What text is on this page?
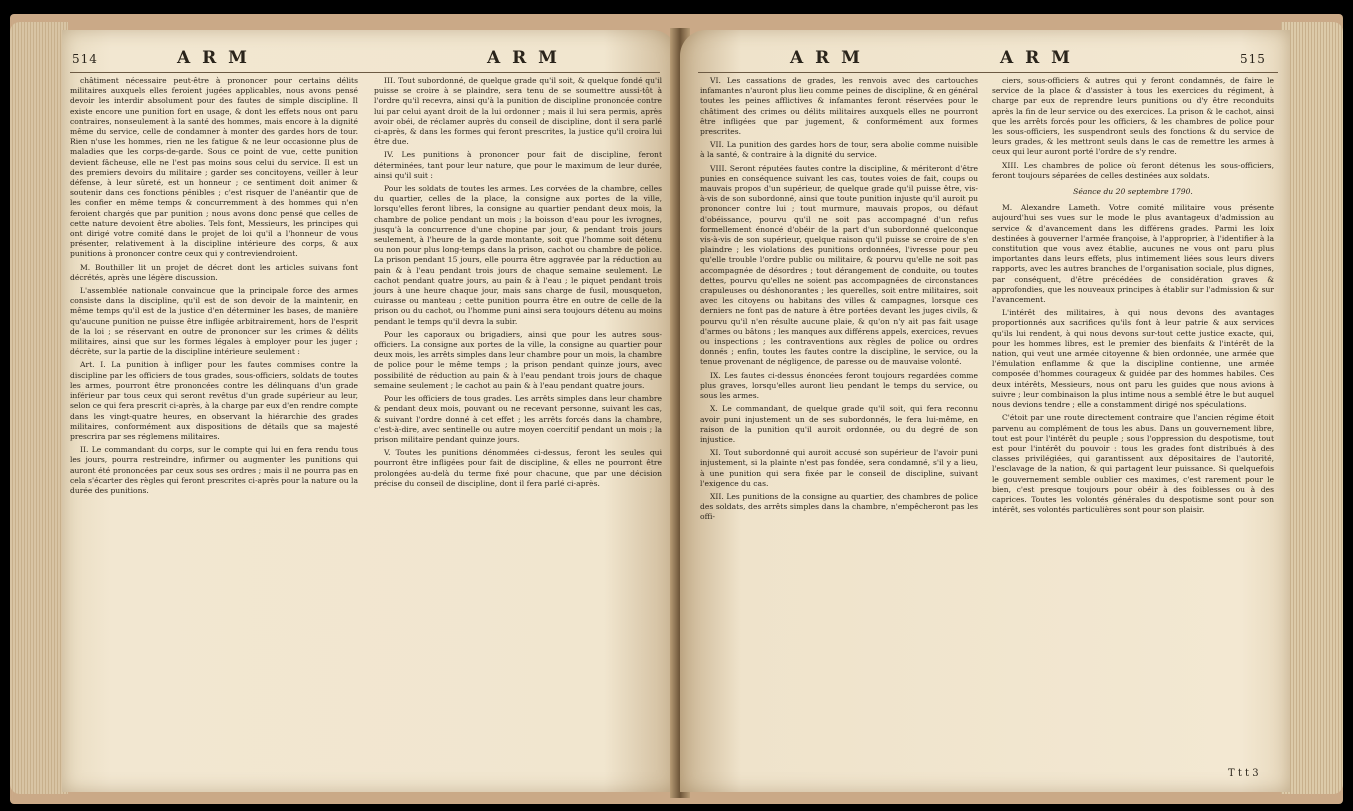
514	A R M	A R M

châtiment nécessaire peut-être à prononcer pour certains délits militaires auxquels elles feroient jugées applicables, nous avons pensé devoir les interdir absolument pour des fautes de simple discipline. Il existe encore une punition fort en usage, & dont les effets nous ont paru contraires, nonseulement à la santé des hommes, mais encore à la dignité même du service, celle de condamner à monter des gardes hors de tour. Rien n'use les hommes, rien ne les fatigue & ne leur occasionne plus de maladies que les corps-de-garde. Sous ce point de vue, cette punition devient fâcheuse, elle ne l'est pas moins sous celui du service. Il est un des premiers devoirs du militaire ; garder ses concitoyens, veiller à leur défense, à leur sûreté, est un honneur ; ce sentiment doit animer & soutenir dans ces fonctions pénibles ; c'est risquer de l'anéantir que de les confier en même temps & concurremment à des hommes qui n'en feroient chargés que par punition ; nous avons donc pensé que celles de cette nature devoient être abolies. Tels font, Messieurs, les principes qui ont dirigé votre comité dans le projet de loi qu'il a l'honneur de vous présenter, relativement à la discipline intérieure des corps, & aux punitions à prononcer contre ceux qui y contreviendroient.

M. Bouthiller lit un projet de décret dont les articles suivans font décrétés, après une légère discussion.

L'assemblée nationale convaincue que la principale force des armes consiste dans la discipline, qu'il est de son devoir de la maintenir, en même temps qu'il est de la justice d'en déterminer les bases, de manière qu'aucune punition ne puisse être infligée arbitrairement, hors de l'esprit de la loi ; se réservant en outre de prononcer sur les crimes & délits militaires, ainsi que sur les formes légales à employer pour les juger ; décrète, sur la partie de la discipline intérieure seulement :

Art. I. La punition à infliger pour les fautes commises contre la discipline par les officiers de tous grades, sous-officiers, soldats de toutes les armes, pourront être prononcées contre les délinquans d'un grade inférieur par tous ceux qui seront revêtus d'un grade supérieur au leur, selon ce qui fera prescrit ci-après, à la charge par eux d'en rendre compte dans les vingt-quatre heures, en observant la hiérarchie des grades militaires, conformément aux dispositions de détails que sa majesté prescrira par ses réglemens militaires.

II. Le commandant du corps, sur le compte qui lui en fera rendu tous les jours, pourra restreindre, infirmer ou augmenter les punitions qui auront été prononcées par ceux sous ses ordres ; mais il ne pourra pas en cela s'écarter des règles qui feront prescrites ci-après pour la nature ou la durée des punitions.

III. Tout subordonné, de quelque grade qu'il soit, & quelque fondé qu'il puisse se croire à se plaindre, sera tenu de se soumettre aussi-tôt à l'ordre qu'il recevra, ainsi qu'à la punition de discipline prononcée contre lui par celui ayant droit de la lui ordonner ; mais il lui sera permis, après avoir obéi, de réclamer auprès du conseil de discipline, dont il sera parlé ci-après, & dans les formes qui feront prescrites, la justice qu'il croira lui être due.

IV. Les punitions à prononcer pour fait de discipline, feront déterminées, tant pour leur nature, que pour le maximum de leur durée, ainsi qu'il suit :

Pour les soldats de toutes les armes. Les corvées de la chambre, celles du quartier, celles de la place, la consigne aux portes de la ville, lorsqu'elles feront libres, la consigne au quartier pendant deux mois, la chambre de police pendant un mois ; la boisson d'eau pour les ivrognes, jusqu'à la concurrence d'une chopine par jour, & pendant trois jours seulement, à l'heure de la garde montante, soit que l'homme soit détenu ou non pour plus long-temps dans la prison, cachot ou chambre de police. La prison pendant 15 jours, elle pourra être aggravée par la réduction au pain & à l'eau pendant trois jours de chaque semaine seulement. Le cachot pendant quatre jours, au pain & à l'eau ; le piquet pendant trois jours à une heure chaque jour, mais sans charge de fusil, mousqueton, cuirasse ou manteau ; cette punition pourra être en outre de celle de la prison ou du cachot, ou l'homme puni ainsi sera toujours détenu au moins pendant le temps qu'il devra la subir.

Pour les caporaux ou brigadiers, ainsi que pour les autres sous-officiers. La consigne aux portes de la ville, la consigne au quartier pour deux mois, les arrêts simples dans leur chambre pour un mois, la chambre de police pour le même temps ; la prison pendant quinze jours, avec possibilité de réduction au pain & à l'eau pendant trois jours de chaque semaine seulement ; le cachot au pain & à l'eau pendant quatre jours.

Pour les officiers de tous grades. Les arrêts simples dans leur chambre & pendant deux mois, pouvant ou ne recevant personne, suivant les cas, & suivant l'ordre donné à cet effet ; les arrêts forcés dans la chambre, c'est-à-dire, avec sentinelle ou autre moyen coercitif pendant un mois ; la prison militaire pendant quinze jours.

V. Toutes les punitions dénommées ci-dessus, feront les seules qui pourront être infligées pour fait de discipline, & elles ne pourront être prolongées au-delà du terme fixé pour chacune, que par une décision précise du conseil de discipline, dont il fera parlé ci-après.

A R M	A R M	515

VI. Les cassations de grades, les renvois avec des cartouches infamantes n'auront plus lieu comme peines de discipline, & en général toutes les peines afflictives & infamantes feront réservées pour le châtiment des crimes ou délits militaires auxquels elles ne pourront être infligées que par jugement, & conformément aux formes prescrites.

VII. La punition des gardes hors de tour, sera abolie comme nuisible à la santé, & contraire à la dignité du service.

VIII. Seront réputées fautes contre la discipline, & mériteront d'être punies en conséquence suivant les cas, toutes voies de fait, coups ou mauvais propos d'un supérieur, de quelque grade qu'il puisse être, vis-à-vis de son subordonné, ainsi que toute punition injuste qu'il auroit pu prononcer contre lui ; tout murmure, mauvais propos, ou défaut d'obéissance, pourvu qu'il ne soit pas accompagné d'un refus formellement énoncé d'obéir de la part d'un subordonné quelconque vis-à-vis de son supérieur, quelque raison qu'il puisse se croire de s'en plaindre ; les violations des punitions ordonnées, l'ivresse pour peu qu'elle trouble l'ordre public ou militaire, & pourvu qu'elle ne soit pas accompagnée de désordres ; tout dérangement de conduite, ou toutes dettes, pourvu qu'elles ne soient pas accompagnées de circonstances crapuleuses ou déshonorantes ; les querelles, soit entre militaires, soit avec les citoyens ou habitans des villes & campagnes, lorsque ces derniers ne font pas de nature à être portées devant les juges civils, & pourvu qu'il n'en résulte aucune plaie, & qu'on n'y ait pas fait usage d'armes ou bâtons ; les manques aux différens appels, exercices, revues ou inspections ; les contraventions aux règles de police ou ordres donnés ; enfin, toutes les fautes contre la discipline, le service, ou la tenue provenant de négligence, de paresse ou de mauvaise volonté.

IX. Les fautes ci-dessus énoncées feront toujours regardées comme plus graves, lorsqu'elles auront lieu pendant le temps du service, ou sous les armes.

X. Le commandant, de quelque grade qu'il soit, qui fera reconnu avoir puni injustement un de ses subordonnés, le fera lui-même, en raison de la punition qu'il auroit ordonnée, ou du degré de son injustice.

XI. Tout subordonné qui auroit accusé son supérieur de l'avoir puni injustement, si la plainte n'est pas fondée, sera condamné, s'il y a lieu, à une punition qui sera fixée par le conseil de discipline, suivant l'exigence du cas.

XII. Les punitions de la consigne au quartier, des chambres de police des soldats, des arrêts simples dans la chambre, n'empêcheront pas les offi-

ciers, sous-officiers & autres qui y feront condamnés, de faire le service de la place & d'assister à tous les exercices du régiment, à charge par eux de reprendre leurs punitions ou d'y être reconduits après la fin de leur service ou des exercices. La prison & le cachot, ainsi que les arrêts forcés pour les officiers, & les chambres de police pour les sous-officiers, les suspendront seuls des fonctions & du service de leurs grades, & les mettront seuls dans le cas de remettre les armes à ceux qui leur auront porté l'ordre de s'y rendre.

XIII. Les chambres de police où feront détenus les sous-officiers, feront toujours séparées de celles destinées aux soldats.

Séance du 20 septembre 1790.

M. Alexandre Lameth. Votre comité militaire vous présente aujourd'hui ses vues sur le mode le plus avantageux d'admission au service & d'avancement dans les différens grades. Parmi les loix destinées à gouverner l'armée françoise, à l'approprier, à l'identifier à la constitution que vous avez établie, aucunes ne vous ont paru plus importantes dans leurs effets, plus intimement liées sous leurs divers rapports, avec les autres branches de l'organisation sociale, plus dignes, par conséquent, d'être précédées de considération graves & approfondies, que les nouveaux principes à établir sur l'admission & sur l'avancement.

L'intérêt des militaires, à qui nous devons des avantages proportionnés aux sacrifices qu'ils font à leur patrie & aux services qu'ils lui rendent, à qui nous devons sur-tout cette justice exacte, qui, pour les hommes libres, est le premier des bienfaits & l'intérêt de la nation, qui veut une armée citoyenne & bien ordonnée, une armée que l'émulation enflamme & que la discipline contienne, une armée composée d'hommes courageux & guidée par des hommes habiles. Ces deux intérêts, Messieurs, nous ont paru les guides que nous avions à suivre ; leur combinaison la plus intime nous a semblé être le but auquel nous devions tendre ; elle a constamment dirigé nos spéculations.

C'étoit par une route directement contraire que l'ancien régime étoit parvenu au complément de tous les abus. Dans un gouvernement libre, tout est pour l'intérêt du peuple ; sous l'oppression du despotisme, tout est pour l'intérêt du pouvoir : tous les grades font distribués à des classes privilégiées, qui garantissent aux dépositaires de l'autorité, l'esclavage de la nation, & qui partagent leur puissance. Si quelquefois le gouvernement semble oublier ces maximes, c'est rarement pour le bien, c'est presque toujours pour obéir à des foiblesses ou à des caprices. Toutes les volontés générales du despotisme sont pour son intérêt, ses volontés particulières sont pour son plaisir.

T t t 3
